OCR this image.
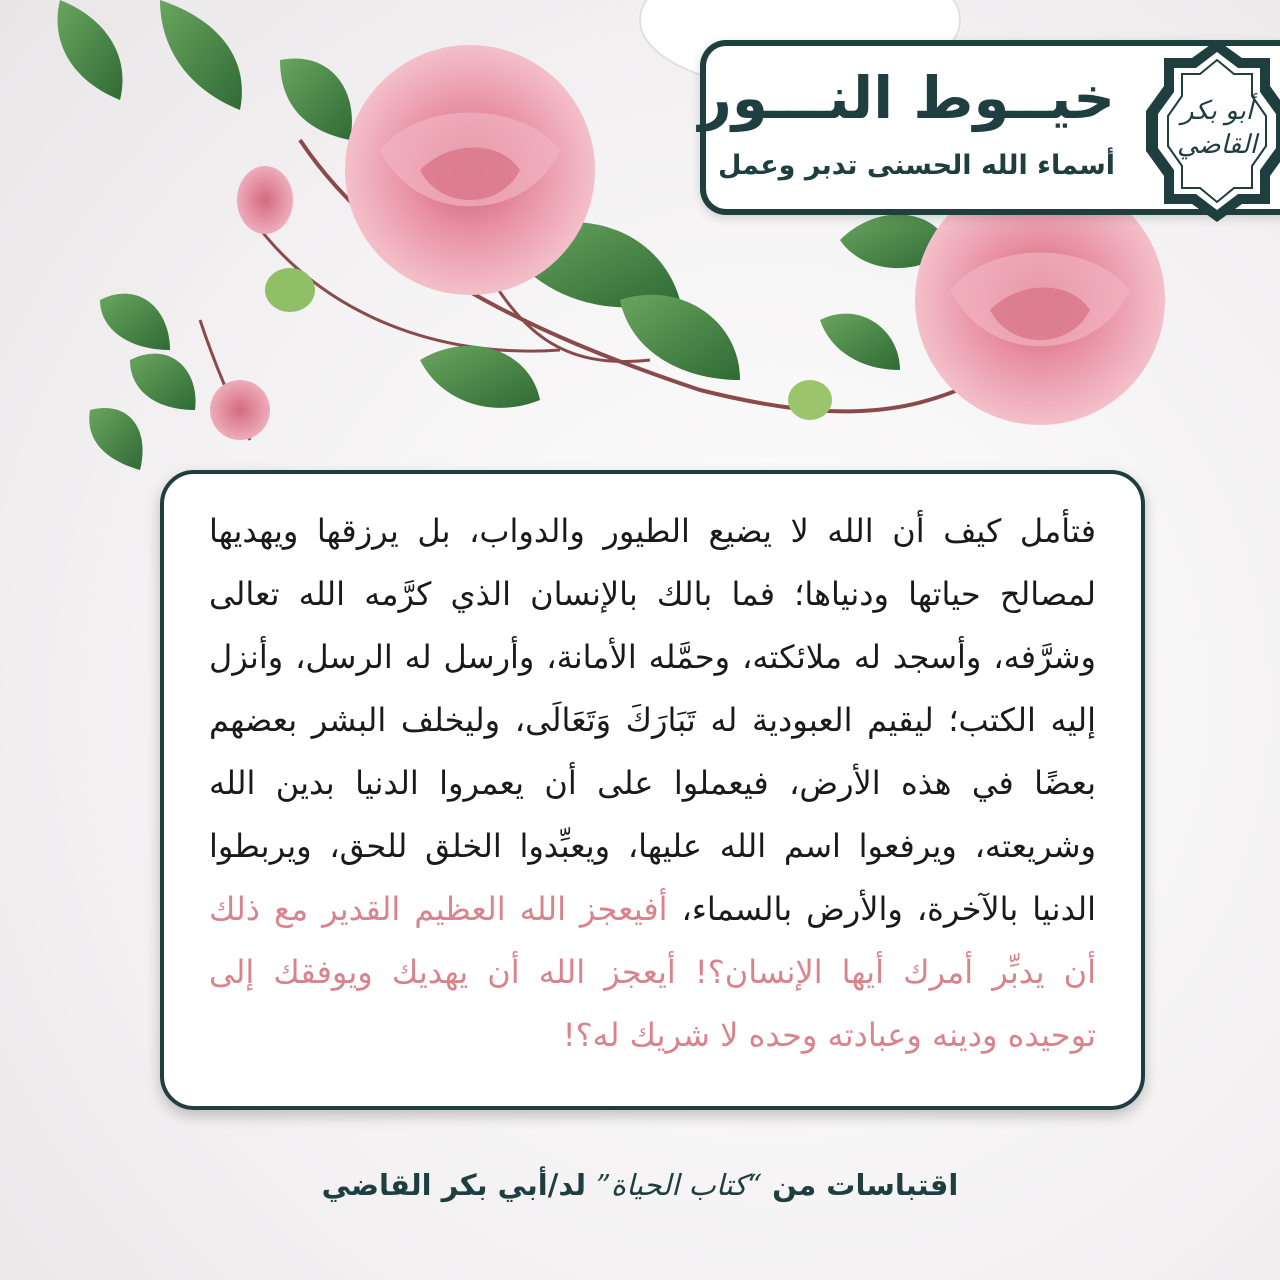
خيــوط النـــور
أسماء الله الحسنى تدبر وعمل
أبو بكر القاضي
فتأمل كيف أن الله لا يضيع الطيور والدواب، بل يرزقها ويهديها لمصالح حياتها ودنياها؛ فما بالك بالإنسان الذي كرَّمه الله تعالى وشرَّفه، وأسجد له ملائكته، وحمَّله الأمانة، وأرسل له الرسل، وأنزل إليه الكتب؛ ليقيم العبودية له تَبَارَكَ وَتَعَالَى، وليخلف البشر بعضهم بعضًا في هذه الأرض، فيعملوا على أن يعمروا الدنيا بدين الله وشريعته، ويرفعوا اسم الله عليها، ويعبِّدوا الخلق للحق، ويربطوا الدنيا بالآخرة، والأرض بالسماء، أفيعجز الله العظيم القدير مع ذلك أن يدبِّر أمرك أيها الإنسان؟! أيعجز الله أن يهديك ويوفقك إلى توحيده ودينه وعبادته وحده لا شريك له؟!
اقتباسات من “كتاب الحياة” لد/أبي بكر القاضي
